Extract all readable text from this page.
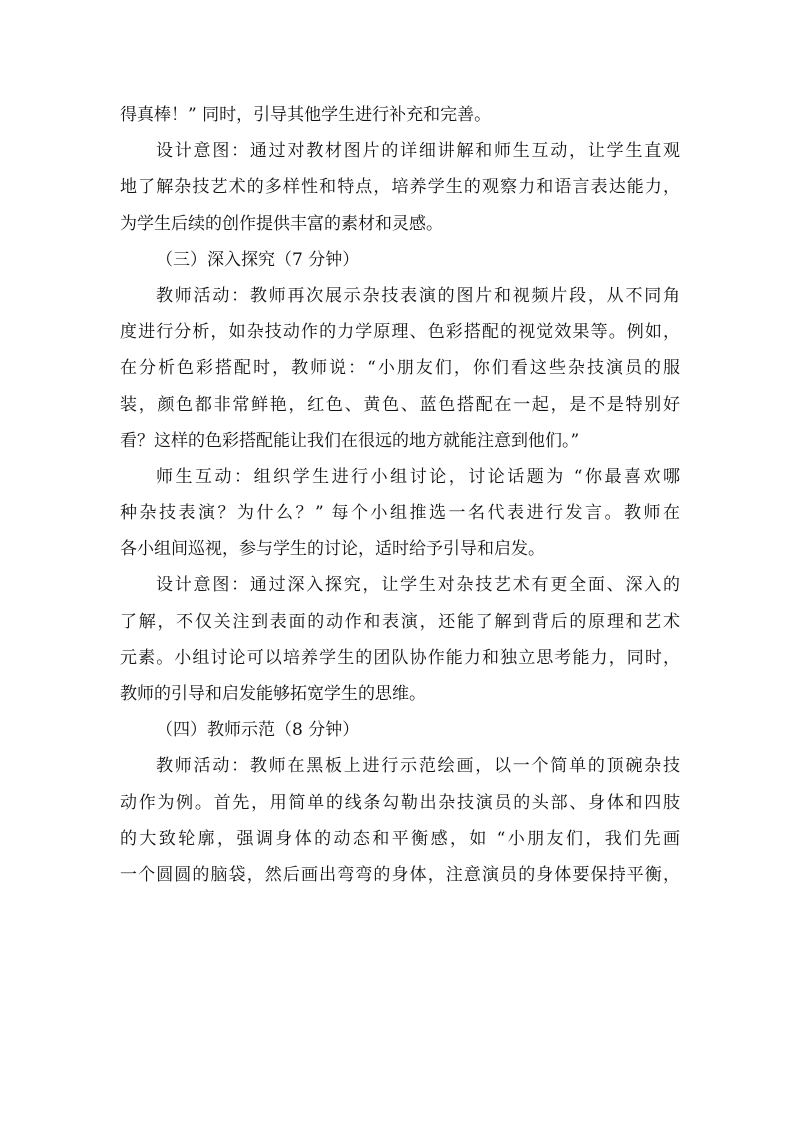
得真棒！” 同时，引导其他学生进行补充和完善。
设计意图：通过对教材图片的详细讲解和师生互动，让学生直观
地了解杂技艺术的多样性和特点，培养学生的观察力和语言表达能力，
为学生后续的创作提供丰富的素材和灵感。
（三）深入探究（7 分钟）
教师活动：教师再次展示杂技表演的图片和视频片段，从不同角
度进行分析，如杂技动作的力学原理、色彩搭配的视觉效果等。例如，
在分析色彩搭配时，教师说：“小朋友们，你们看这些杂技演员的服
装，颜色都非常鲜艳，红色、黄色、蓝色搭配在一起，是不是特别好
看？这样的色彩搭配能让我们在很远的地方就能注意到他们。”
师生互动：组织学生进行小组讨论，讨论话题为 “你最喜欢哪
种杂技表演？为什么？” 每个小组推选一名代表进行发言。教师在
各小组间巡视，参与学生的讨论，适时给予引导和启发。
设计意图：通过深入探究，让学生对杂技艺术有更全面、深入的
了解，不仅关注到表面的动作和表演，还能了解到背后的原理和艺术
元素。小组讨论可以培养学生的团队协作能力和独立思考能力，同时，
教师的引导和启发能够拓宽学生的思维。
（四）教师示范（8 分钟）
教师活动：教师在黑板上进行示范绘画，以一个简单的顶碗杂技
动作为例。首先，用简单的线条勾勒出杂技演员的头部、身体和四肢
的大致轮廓，强调身体的动态和平衡感，如 “小朋友们，我们先画
一个圆圆的脑袋，然后画出弯弯的身体，注意演员的身体要保持平衡，
